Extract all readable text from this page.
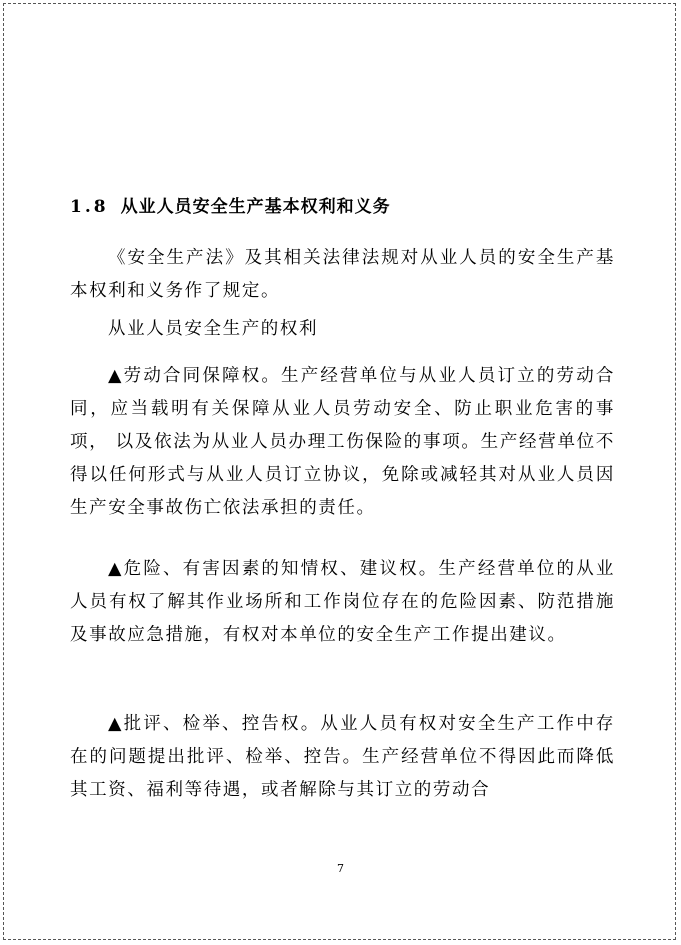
1.8 从业人员安全生产基本权利和义务
《安全生产法》及其相关法律法规对从业人员的安全生产基本权利和义务作了规定。
从业人员安全生产的权利
▲劳动合同保障权。生产经营单位与从业人员订立的劳动合同，应当载明有关保障从业人员劳动安全、防止职业危害的事项， 以及依法为从业人员办理工伤保险的事项。生产经营单位不得以任何形式与从业人员订立协议，免除或减轻其对从业人员因生产安全事故伤亡依法承担的责任。
▲危险、有害因素的知情权、建议权。生产经营单位的从业人员有权了解其作业场所和工作岗位存在的危险因素、防范措施及事故应急措施，有权对本单位的安全生产工作提出建议。
▲批评、检举、控告权。从业人员有权对安全生产工作中存在的问题提出批评、检举、控告。生产经营单位不得因此而降低其工资、福利等待遇，或者解除与其订立的劳动合
7
